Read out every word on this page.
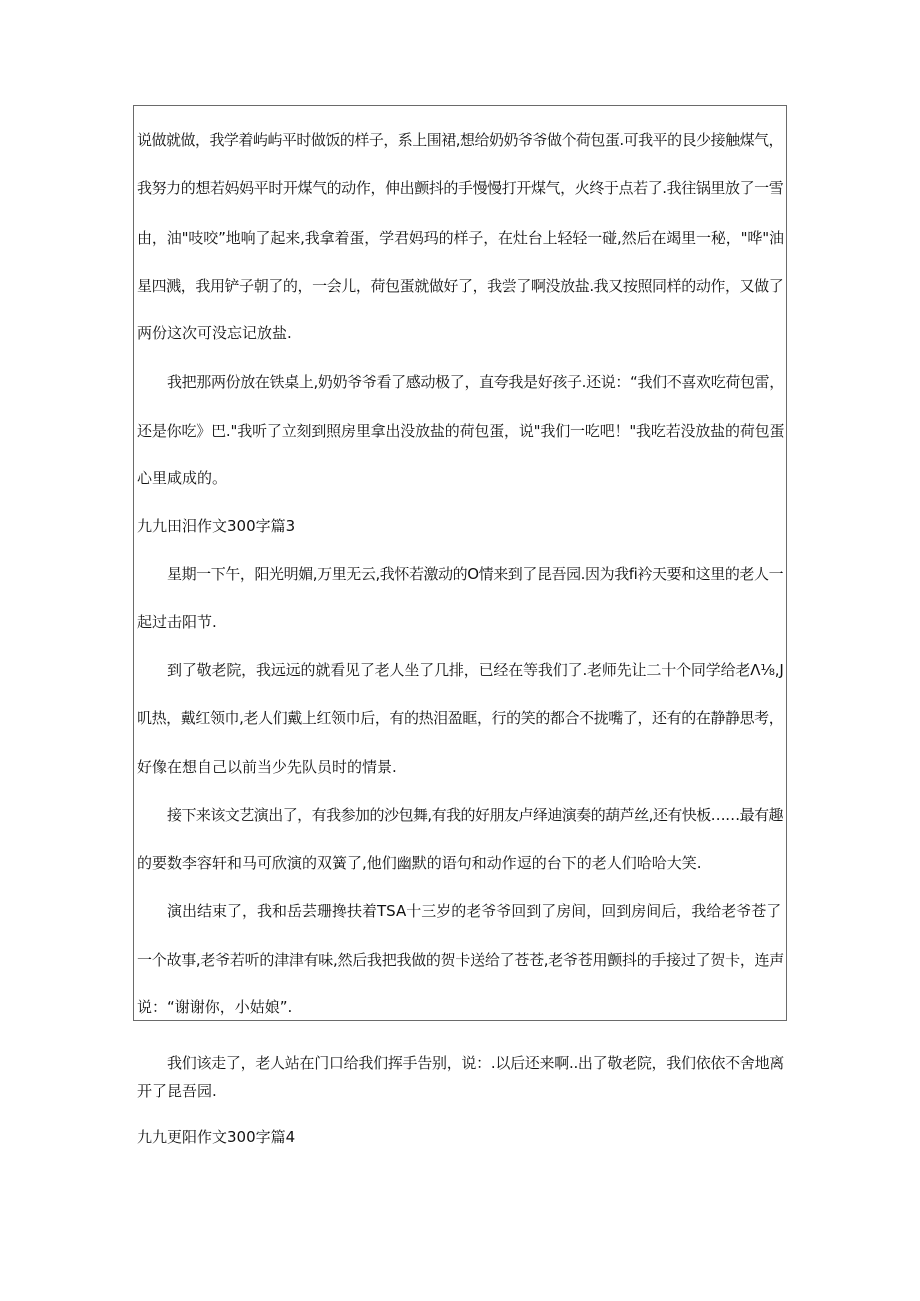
说做就做，我学着屿屿平时做饭的样子，系上围裙,想给奶奶爷爷做个荷包蛋.可我平的艮少接触煤气，
我努力的想若妈妈平时开煤气的动作，伸出颤抖的手慢慢打开煤气，火终于点若了.我往锅里放了一雪
由，油"吱咬”地响了起来,我拿着蛋，学君妈玛的样子，在灶台上轻轻一碰,然后在竭里一秘，"哗"油
星四溅，我用铲子朝了的，一会儿，荷包蛋就做好了，我尝了啊没放盐.我又按照同样的动作，又做了
两份这次可没忘记放盐.
我把那两份放在铁桌上,奶奶爷爷看了感动极了，直夸我是好孩子.还说：“我们不喜欢吃荷包雷，
还是你吃》巴."我听了立刻到照房里拿出没放盐的荷包蛋，说"我们一吃吧！"我吃若没放盐的荷包蛋
心里咸成的。
九九田汨作文300字篇3
星期一下午，阳光明媚,万里无云,我怀若激动的O情来到了昆吾园.因为我fi衿天要和这里的老人一
起过击阳节.
到了敬老院，我远远的就看见了老人坐了几排，已经在等我们了.老师先让二十个同学给老Λ⅛,J
叽热，戴红领巾,老人们戴上红领巾后，有的热泪盈眶，行的笑的都合不拢嘴了，还有的在静静思考，
好像在想自己以前当少先队员时的情景.
接下来该文艺演出了，有我参加的沙包舞,有我的好朋友卢绎迪演奏的葫芦丝,还有快板……最有趣
的要数李容轩和马可欣演的双簧了,他们幽默的语句和动作逗的台下的老人们哈哈大笑.
演出结束了，我和岳芸珊搀扶着TSA十三岁的老爷爷回到了房间，回到房间后，我给老爷苍了
一个故事,老爷若听的津津有味,然后我把我做的贺卡送给了苍苍,老爷苍用颤抖的手接过了贺卡，连声
说：“谢谢你，小姑娘”.
我们该走了，老人站在门口给我们挥手告别，说：.以后还来啊..出了敬老院，我们依依不舍地离
开了昆吾园.
九九更阳作文300字篇4
